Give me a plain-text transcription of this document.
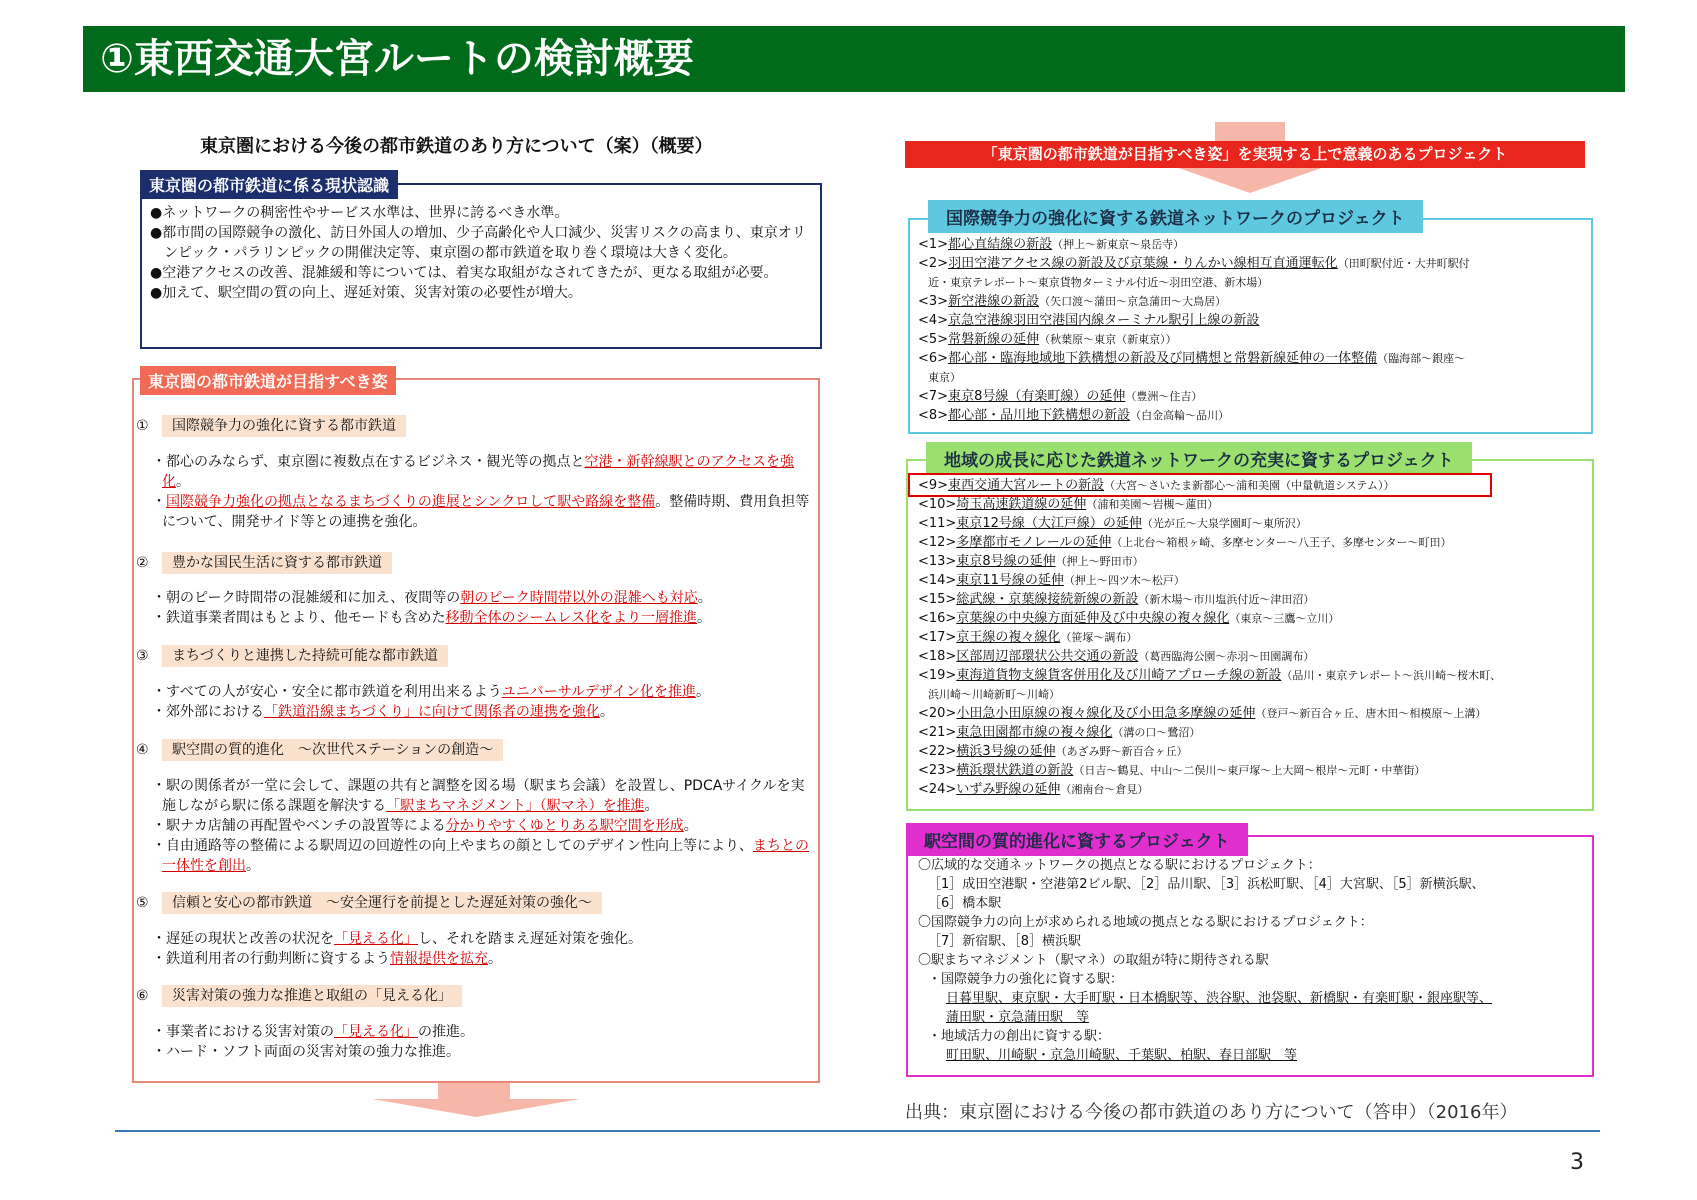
①東西交通大宮ルートの検討概要
東京圏における今後の都市鉄道のあり方について（案）（概要）
東京圏の都市鉄道に係る現状認識
●ネットワークの稠密性やサービス水準は、世界に誇るべき水準。
●都市間の国際競争の激化、訪日外国人の増加、少子高齢化や人口減少、災害リスクの高まり、東京オリンピック・パラリンピックの開催決定等、東京圏の都市鉄道を取り巻く環境は大きく変化。
●空港アクセスの改善、混雑緩和等については、着実な取組がなされてきたが、更なる取組が必要。
●加えて、駅空間の質の向上、遅延対策、災害対策の必要性が増大。
東京圏の都市鉄道が目指すべき姿
① 国際競争力の強化に資する都市鉄道
・都心のみならず、東京圏に複数点在するビジネス・観光等の拠点と空港・新幹線駅とのアクセスを強化。
・国際競争力強化の拠点となるまちづくりの進展とシンクロして駅や路線を整備。整備時期、費用負担等について、開発サイド等との連携を強化。
② 豊かな国民生活に資する都市鉄道
・朝のピーク時間帯の混雑緩和に加え、夜間等の朝のピーク時間帯以外の混雑へも対応。
・鉄道事業者間はもとより、他モードも含めた移動全体のシームレス化をより一層推進。
③ まちづくりと連携した持続可能な都市鉄道
・すべての人が安心・安全に都市鉄道を利用出来るようユニバーサルデザイン化を推進。
・郊外部における「鉄道沿線まちづくり」に向けて関係者の連携を強化。
④ 駅空間の質的進化　～次世代ステーションの創造～
・駅の関係者が一堂に会して、課題の共有と調整を図る場（駅まち会議）を設置し、PDCAサイクルを実施しながら駅に係る課題を解決する「駅まちマネジメント」（駅マネ）を推進。
・駅ナカ店舗の再配置やベンチの設置等による分かりやすくゆとりある駅空間を形成。
・自由通路等の整備による駅周辺の回遊性の向上やまちの顔としてのデザイン性向上等により、まちとの一体性を創出。
⑤ 信頼と安心の都市鉄道　～安全運行を前提とした遅延対策の強化～
・遅延の現状と改善の状況を「見える化」し、それを踏まえ遅延対策を強化。
・鉄道利用者の行動判断に資するよう情報提供を拡充。
⑥ 災害対策の強力な推進と取組の「見える化」
・事業者における災害対策の「見える化」の推進。
・ハード・ソフト両面の災害対策の強力な推進。
「東京圏の都市鉄道が目指すべき姿」を実現する上で意義のあるプロジェクト
国際競争力の強化に資する鉄道ネットワークのプロジェクト
<1>都心直結線の新設（押上～新東京～泉岳寺）
<2>羽田空港アクセス線の新設及び京葉線・りんかい線相互直通運転化（田町駅付近・大井町駅付
近・東京テレポート～東京貨物ターミナル付近～羽田空港、新木場）
<3>新空港線の新設（矢口渡～蒲田～京急蒲田～大鳥居）
<4>京急空港線羽田空港国内線ターミナル駅引上線の新設
<5>常磐新線の延伸（秋葉原～東京（新東京））
<6>都心部・臨海地域地下鉄構想の新設及び同構想と常磐新線延伸の一体整備（臨海部～銀座～
東京）
<7>東京8号線（有楽町線）の延伸（豊洲～住吉）
<8>都心部・品川地下鉄構想の新設（白金高輪～品川）
地域の成長に応じた鉄道ネットワークの充実に資するプロジェクト
<9>東西交通大宮ルートの新設（大宮～さいたま新都心～浦和美園（中量軌道システム））
<10>埼玉高速鉄道線の延伸（浦和美園～岩槻～蓮田）
<11>東京12号線（大江戸線）の延伸（光が丘～大泉学園町～東所沢）
<12>多摩都市モノレールの延伸（上北台～箱根ヶ崎、多摩センター～八王子、多摩センター～町田）
<13>東京8号線の延伸（押上～野田市）
<14>東京11号線の延伸（押上～四ツ木～松戸）
<15>総武線・京葉線接続新線の新設（新木場～市川塩浜付近～津田沼）
<16>京葉線の中央線方面延伸及び中央線の複々線化（東京～三鷹～立川）
<17>京王線の複々線化（笹塚～調布）
<18>区部周辺部環状公共交通の新設（葛西臨海公園～赤羽～田園調布）
<19>東海道貨物支線貨客併用化及び川崎アプローチ線の新設（品川・東京テレポート～浜川崎～桜木町、
浜川崎～川崎新町～川崎）
<20>小田急小田原線の複々線化及び小田急多摩線の延伸（登戸～新百合ヶ丘、唐木田～相模原～上溝）
<21>東急田園都市線の複々線化（溝の口～鷺沼）
<22>横浜3号線の延伸（あざみ野～新百合ヶ丘）
<23>横浜環状鉄道の新設（日吉～鶴見、中山～二俣川～東戸塚～上大岡～根岸～元町・中華街）
<24>いずみ野線の延伸（湘南台～倉見）
駅空間の質的進化に資するプロジェクト
〇広域的な交通ネットワークの拠点となる駅におけるプロジェクト：
［1］成田空港駅・空港第2ビル駅、［2］品川駅、［3］浜松町駅、［4］大宮駅、［5］新横浜駅、
［6］橋本駅
〇国際競争力の向上が求められる地域の拠点となる駅におけるプロジェクト：
［7］新宿駅、［8］横浜駅
〇駅まちマネジメント（駅マネ）の取組が特に期待される駅
・国際競争力の強化に資する駅：
日暮里駅、東京駅・大手町駅・日本橋駅等、渋谷駅、池袋駅、新橋駅・有楽町駅・銀座駅等、
蒲田駅・京急蒲田駅　等
・地域活力の創出に資する駅：
町田駅、川崎駅・京急川崎駅、千葉駅、柏駅、春日部駅　等
出典：東京圏における今後の都市鉄道のあり方について（答申）（2016年）
3
